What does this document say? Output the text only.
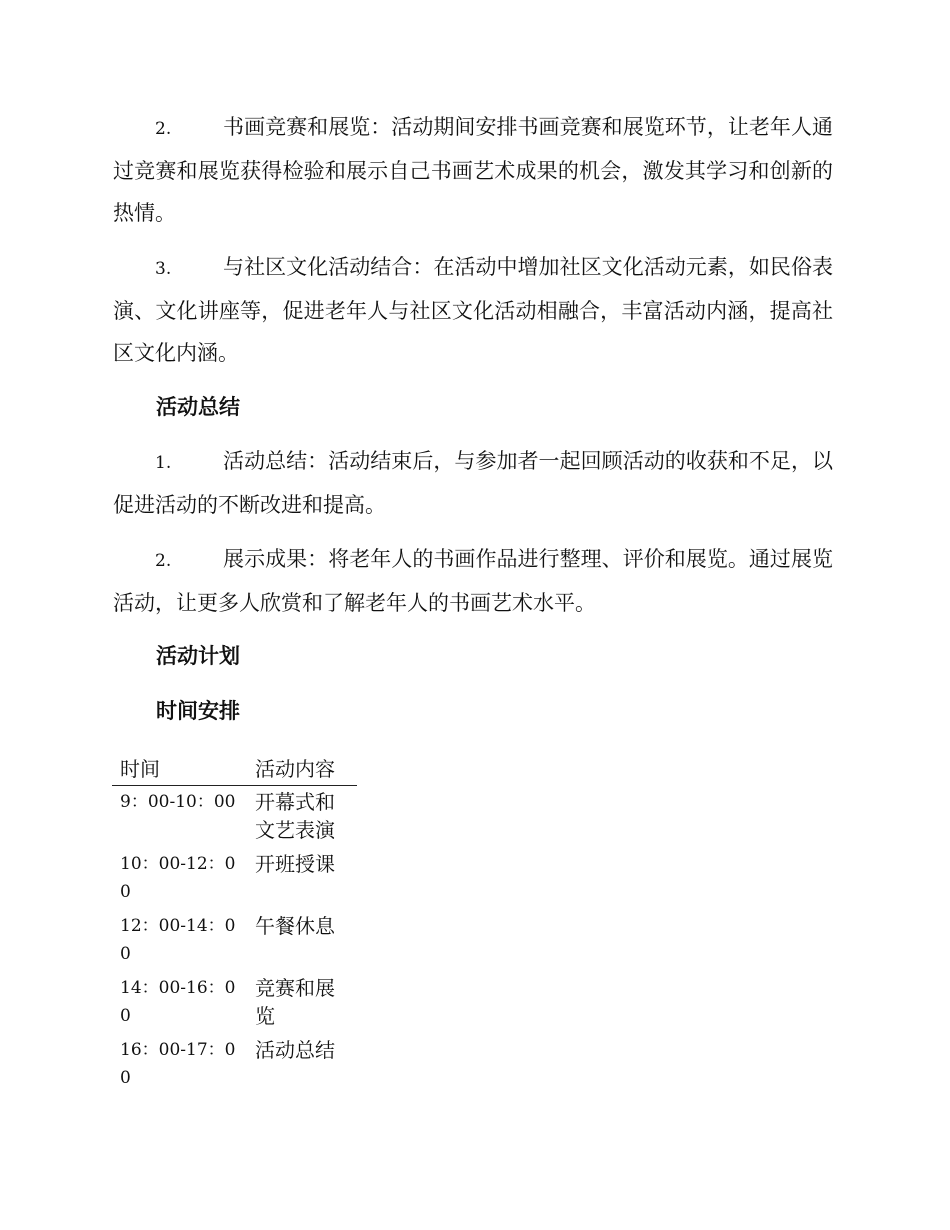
2. 书画竞赛和展览：活动期间安排书画竞赛和展览环节，让老年人通过竞赛和展览获得检验和展示自己书画艺术成果的机会，激发其学习和创新的热情。

3. 与社区文化活动结合：在活动中增加社区文化活动元素，如民俗表演、文化讲座等，促进老年人与社区文化活动相融合，丰富活动内涵，提高社区文化内涵。

活动总结

1. 活动总结：活动结束后，与参加者一起回顾活动的收获和不足，以促进活动的不断改进和提高。

2. 展示成果：将老年人的书画作品进行整理、评价和展览。通过展览活动，让更多人欣赏和了解老年人的书画艺术水平。

活动计划
时间安排
时间	活动内容
9：00-10：00	开幕式和文艺表演
10：00-12：00	开班授课
12：00-14：00	午餐休息
14：00-16：00	竞赛和展览
16：00-17：00	活动总结
